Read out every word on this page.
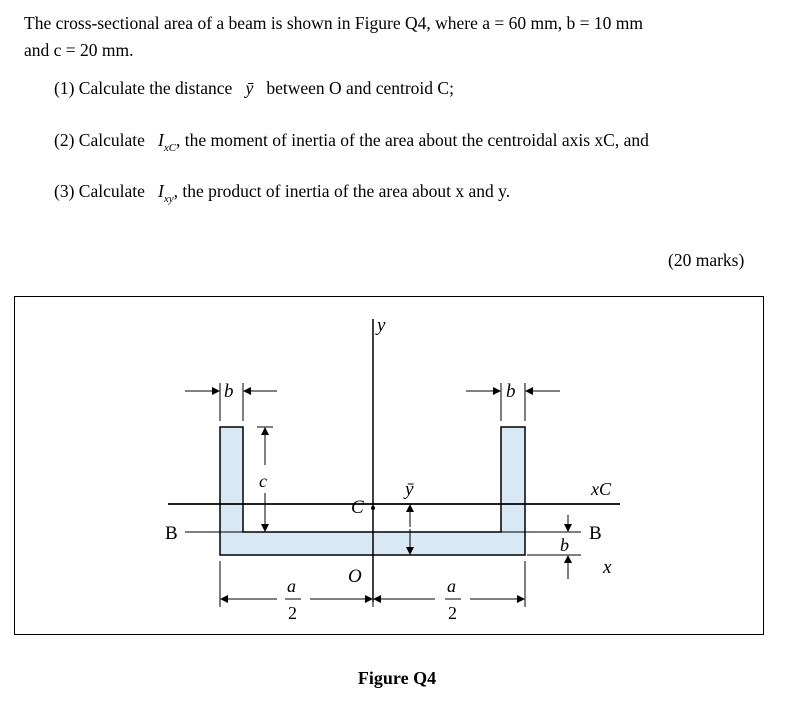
The cross-sectional area of a beam is shown in Figure Q4, where a = 60 mm, b = 10 mm
and c = 20 mm.
(1) Calculate the distance ȳ between O and centroid C;
(2) Calculate $I_{xC}$, the moment of inertia of the area about the centroidal axis xC, and
(3) Calculate $I_{xy}$, the product of inertia of the area about x and y.
(20 marks)
y
b	b
c
C
ȳ	xC
B	B
b
x
O
a
2
a
2
Figure Q4
